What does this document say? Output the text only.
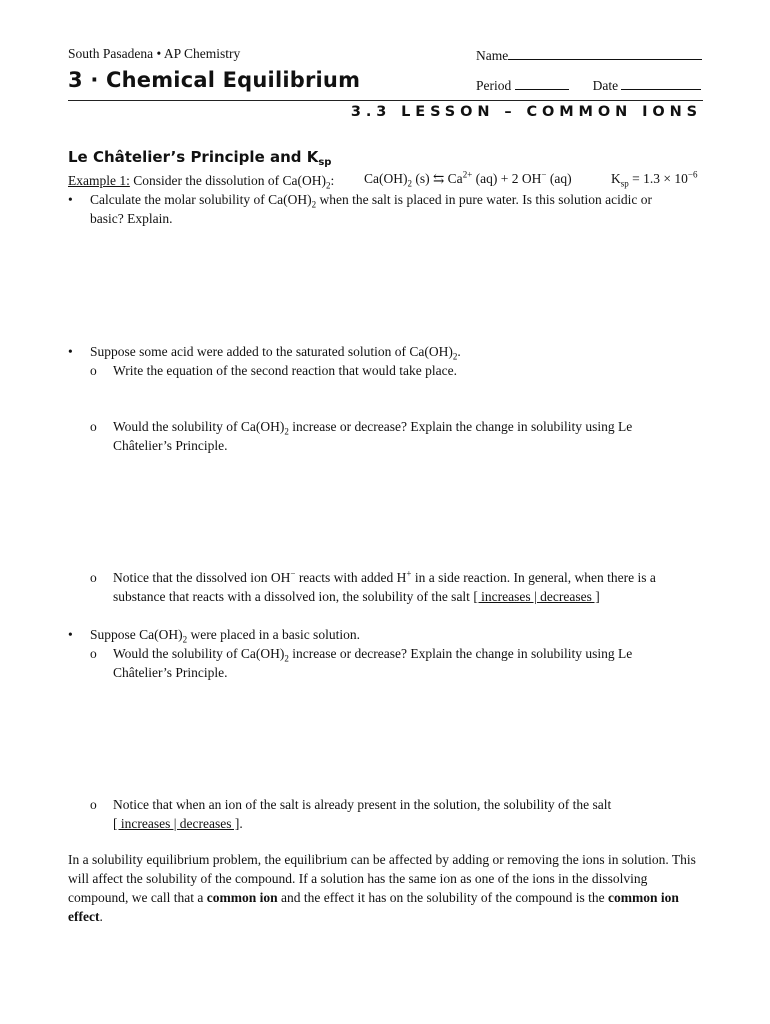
South Pasadena • AP Chemistry	Name
3 · Chemical Equilibrium	Period	Date
3.3 LESSON – COMMON IONS
Le Châtelier’s Principle and $K_{sp}$
Example 1: Consider the dissolution of $Ca(OH)_2$: $Ca(OH)_2$ (s) ⇆ $Ca^{2+}$ (aq) + 2 OH− (aq)	$K_{sp} = 1.3 \times 10^{-6}$
• Calculate the molar solubility of $Ca(OH)_2$ when the salt is placed in pure water. Is this solution acidic or
basic? Explain.
• Suppose some acid were added to the saturated solution of $Ca(OH)_2$.
o Write the equation of the second reaction that would take place.
o Would the solubility of $Ca(OH)_2$ increase or decrease? Explain the change in solubility using Le
Châtelier’s Principle.
o Notice that the dissolved ion OH− reacts with added H+ in a side reaction. In general, when there is a
substance that reacts with a dissolved ion, the solubility of the salt [ increases | decreases ]
• Suppose $Ca(OH)_2$ were placed in a basic solution.
o Would the solubility of $Ca(OH)_2$ increase or decrease? Explain the change in solubility using Le
Châtelier’s Principle.
o Notice that when an ion of the salt is already present in the solution, the solubility of the salt
[ increases | decreases ].
In a solubility equilibrium problem, the equilibrium can be affected by adding or removing the ions in solution. This will affect the solubility of the compound. If a solution has the same ion as one of the ions in the dissolving compound, we call that a common ion and the effect it has on the solubility of the compound is the common ion effect.
